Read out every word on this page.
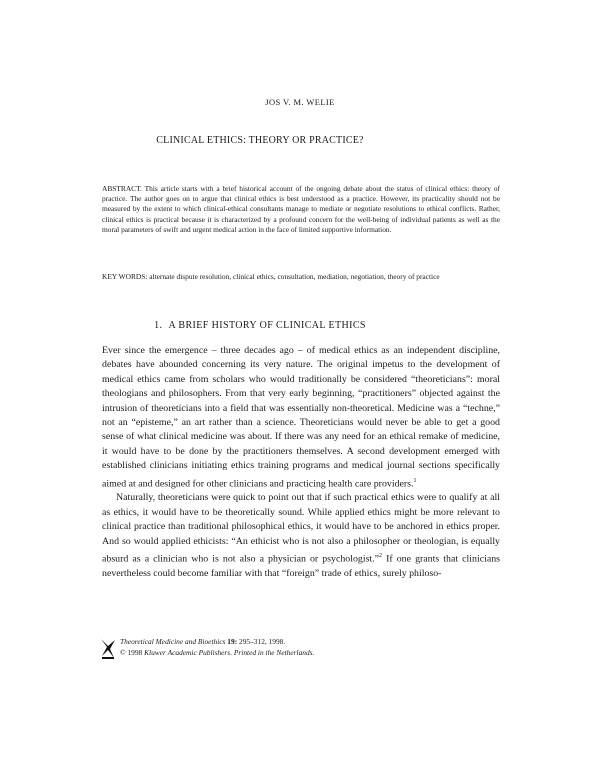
JOS V. M. WELIE
CLINICAL ETHICS: THEORY OR PRACTICE?
ABSTRACT. This article starts with a brief historical account of the ongoing debate about the status of clinical ethics: theory of practice. The author goes on to argue that clinical ethics is best understood as a practice. However, its practicality should not be measured by the extent to which clinical-ethical consultants manage to mediate or negotiate resolutions to ethical conflicts. Rather, clinical ethics is practical because it is characterized by a profound concern for the well-being of individual patients as well as the moral parameters of swift and urgent medical action in the face of limited supportive information.
KEY WORDS: alternate dispute resolution, clinical ethics, consultation, mediation, negotiation, theory of practice
1. A BRIEF HISTORY OF CLINICAL ETHICS

Ever since the emergence – three decades ago – of medical ethics as an independent discipline, debates have abounded concerning its very nature. The original impetus to the development of medical ethics came from scholars who would traditionally be considered “theoreticians”: moral theologians and philosophers. From that very early beginning, “practitioners” objected against the intrusion of theoreticians into a field that was essentially non-theoretical. Medicine was a “techne,” not an “episteme,” an art rather than a science. Theoreticians would never be able to get a good sense of what clinical medicine was about. If there was any need for an ethical remake of medicine, it would have to be done by the practitioners themselves. A second development emerged with established clinicians initiating ethics training programs and medical journal sections specifically aimed at and designed for other clinicians and practicing health care providers.$^1$

Naturally, theoreticians were quick to point out that if such practical ethics were to qualify at all as ethics, it would have to be theoretically sound. While applied ethics might be more relevant to clinical practice than traditional philosophical ethics, it would have to be anchored in ethics proper. And so would applied ethicists: “An ethicist who is not also a philosopher or theologian, is equally absurd as a clinician who is not also a physician or psychologist.”$^2$ If one grants that clinicians nevertheless could become familiar with that “foreign” trade of ethics, surely philoso-

Theoretical Medicine and Bioethics 19: 295–312, 1998.
© 1998 Kluwer Academic Publishers. Printed in the Netherlands.
